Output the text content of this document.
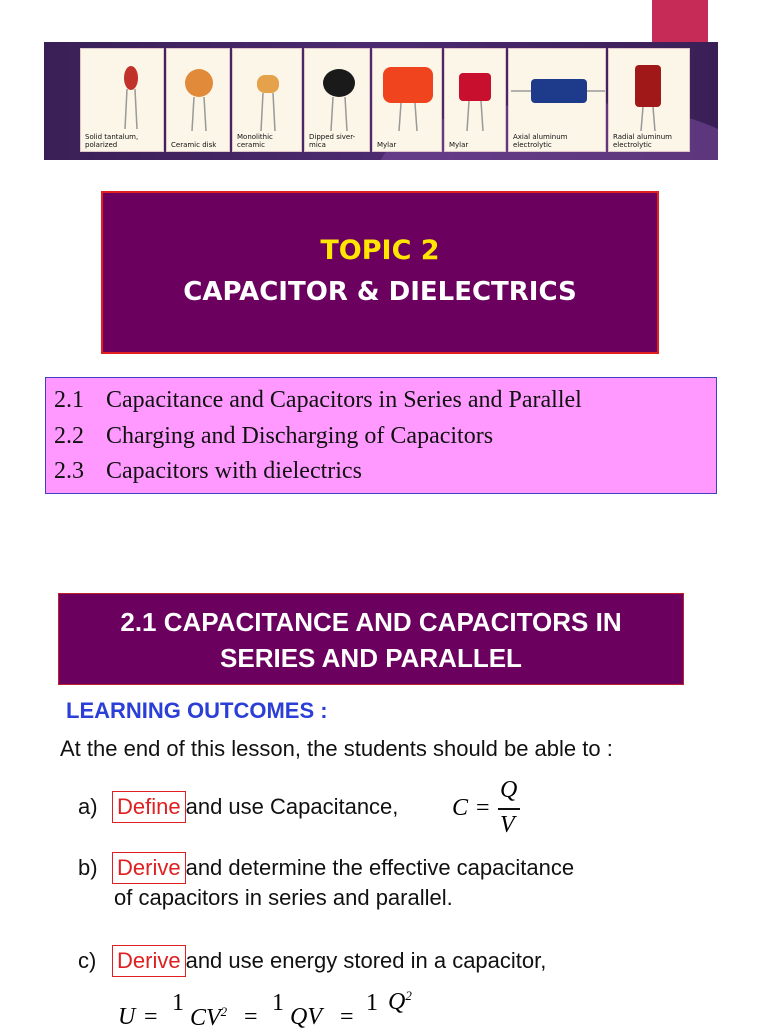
Solid tantalum, polarized	Ceramic disk
Monolithic ceramic
Dipped siver-mica	Mylar	Mylar
Axial aluminum electrolytic
Radial aluminum electrolytic
TOPIC 2
CAPACITOR & DIELECTRICS
2.1 Capacitance and Capacitors in Series and Parallel
2.2 Charging and Discharging of Capacitors
2.3 Capacitors with dielectrics
2.1 CAPACITANCE AND CAPACITORS IN
SERIES AND PARALLEL
LEARNING OUTCOMES :
At the end of this lesson, the students should be able to :
a) Define and use Capacitance, C =
Q
V
b) Derive and determine the effective capacitance
of capacitors in series and parallel.
c) Derive and use energy stored in a capacitor,
U =
1
$CV^2$ =
1
QV =
1 $Q^2$
